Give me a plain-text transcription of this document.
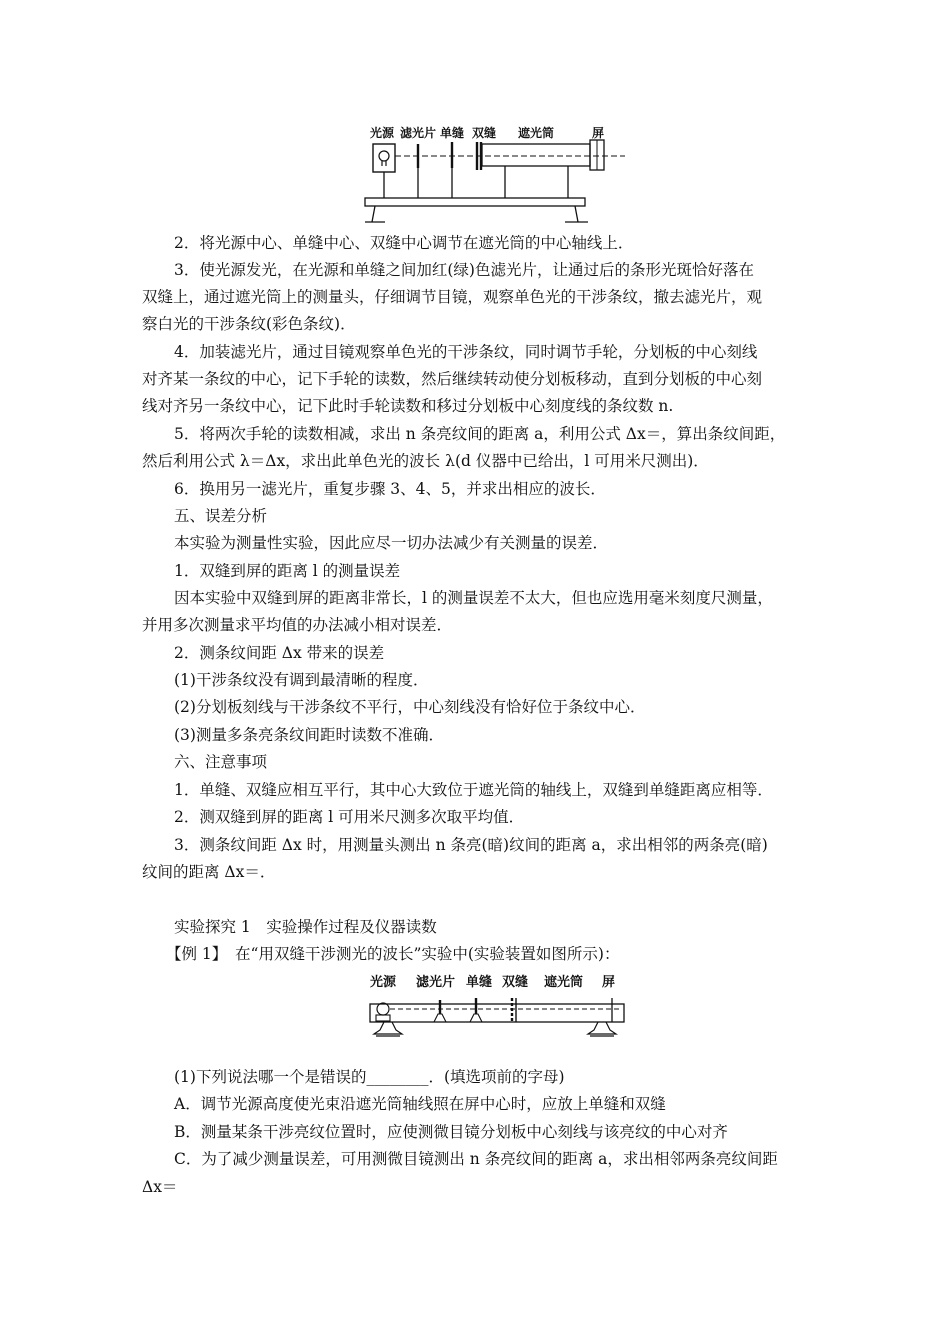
光源 滤光片 单缝 双缝 遮光筒	屏
2．将光源中心、单缝中心、双缝中心调节在遮光筒的中心轴线上．
3．使光源发光，在光源和单缝之间加红(绿)色滤光片，让通过后的条形光斑恰好落在
双缝上，通过遮光筒上的测量头，仔细调节目镜，观察单色光的干涉条纹，撤去滤光片，观
察白光的干涉条纹(彩色条纹)．
4．加装滤光片，通过目镜观察单色光的干涉条纹，同时调节手轮，分划板的中心刻线
对齐某一条纹的中心，记下手轮的读数，然后继续转动使分划板移动，直到分划板的中心刻
线对齐另一条纹中心，记下此时手轮读数和移过分划板中心刻度线的条纹数 n.
5．将两次手轮的读数相减，求出 n 条亮纹间的距离 a，利用公式 Δx＝，算出条纹间距，
然后利用公式 λ＝Δx，求出此单色光的波长 λ(d 仪器中已给出，l 可用米尺测出)．
6．换用另一滤光片，重复步骤 3、4、5，并求出相应的波长．
五、误差分析
本实验为测量性实验，因此应尽一切办法减少有关测量的误差．
1．双缝到屏的距离 l 的测量误差
因本实验中双缝到屏的距离非常长，l 的测量误差不太大，但也应选用毫米刻度尺测量，
并用多次测量求平均值的办法减小相对误差．
2．测条纹间距 Δx 带来的误差
(1)干涉条纹没有调到最清晰的程度．
(2)分划板刻线与干涉条纹不平行，中心刻线没有恰好位于条纹中心．
(3)测量多条亮条纹间距时读数不准确．
六、注意事项
1．单缝、双缝应相互平行，其中心大致位于遮光筒的轴线上，双缝到单缝距离应相等．
2．测双缝到屏的距离 l 可用米尺测多次取平均值．
3．测条纹间距 Δx 时，用测量头测出 n 条亮(暗)纹间的距离 a，求出相邻的两条亮(暗)
纹间的距离 Δx＝．
实验探究 1　实验操作过程及仪器读数
【例 1】　在“用双缝干涉测光的波长”实验中(实验装置如图所示)：
光源 滤光片 单缝 双缝 遮光筒 屏
(1)下列说法哪一个是错误的________．(填选项前的字母)
A．调节光源高度使光束沿遮光筒轴线照在屏中心时，应放上单缝和双缝
B．测量某条干涉亮纹位置时，应使测微目镜分划板中心刻线与该亮纹的中心对齐
C．为了减少测量误差，可用测微目镜测出 n 条亮纹间的距离 a，求出相邻两条亮纹间距
Δx＝
